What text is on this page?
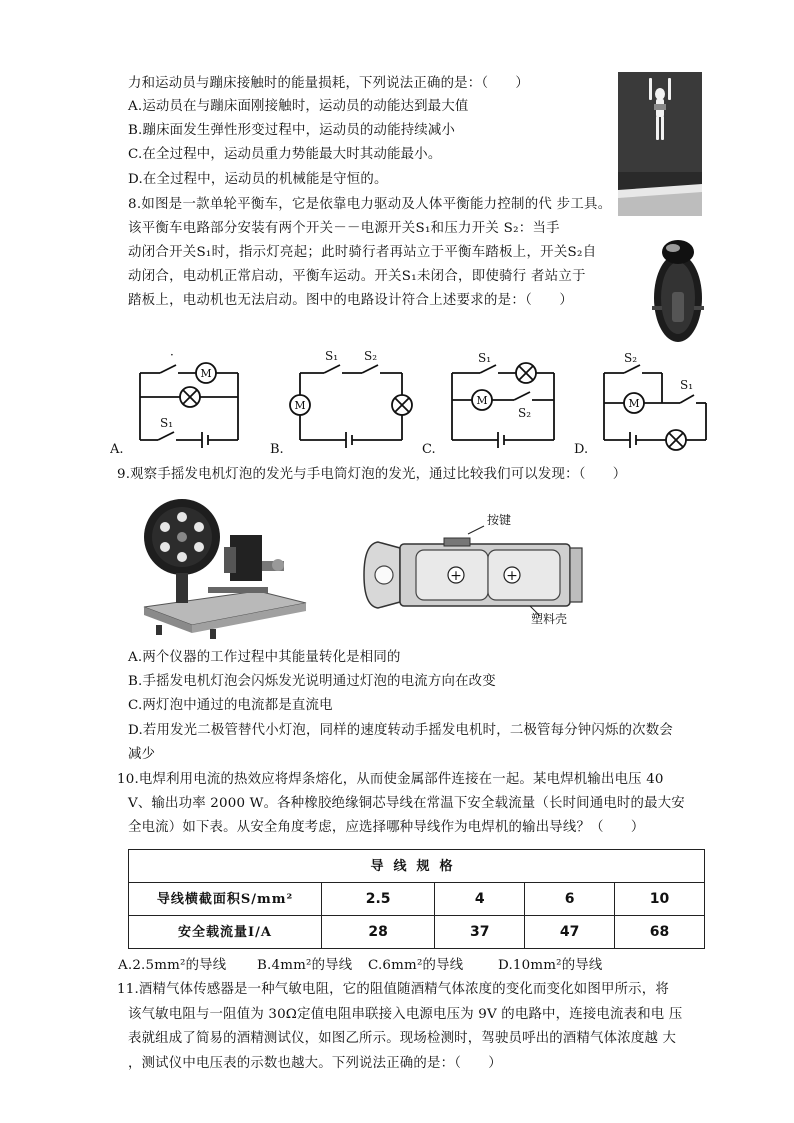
力和运动员与蹦床接触时的能量损耗，下列说法正确的是：（　　）
A.运动员在与蹦床面刚接触时，运动员的动能达到最大值
B.蹦床面发生弹性形变过程中，运动员的动能持续减小
C.在全过程中，运动员重力势能最大时其动能最小。
D.在全过程中，运动员的机械能是守恒的。
8.如图是一款单轮平衡车，它是依靠电力驱动及人体平衡能力控制的代 步工具。
该平衡车电路部分安装有两个开关－－电源开关S₁和压力开关 S₂：当手
动闭合开关S₁时，指示灯亮起；此时骑行者再站立于平衡车踏板上，开关S₂自
动闭合，电动机正常启动，平衡车运动。开关S₁未闭合，即使骑行 者站立于
踏板上，电动机也无法启动。图中的电路设计符合上述要求的是：（　　）
M
M	M	M
·
S₁
S₁ S₂	S₁
S₂
S₂
S₁
A.	B.	C.	D.
9.观察手摇发电机灯泡的发光与手电筒灯泡的发光，通过比较我们可以发现：（　　）
+	+
按键
塑料壳
A.两个仪器的工作过程中其能量转化是相同的
B.手摇发电机灯泡会闪烁发光说明通过灯泡的电流方向在改变
C.两灯泡中通过的电流都是直流电
D.若用发光二极管替代小灯泡，同样的速度转动手摇发电机时，二极管每分钟闪烁的次数会
减少
10.电焊利用电流的热效应将焊条熔化，从而使金属部件连接在一起。某电焊机输出电压 40
V、输出功率 2000 W。各种橡胶绝缘铜芯导线在常温下安全载流量（长时间通电时的最大安
全电流）如下表。从安全角度考虑，应选择哪种导线作为电焊机的输出导线？（　　）
导线规格				
导线横截面积S/mm²	2.5	4	6	10
安全载流量I/A	28	37	47	68
A.2.5mm²的导线 B.4mm²的导线 C.6mm²的导线	D.10mm²的导线
11.酒精气体传感器是一种气敏电阻，它的阻值随酒精气体浓度的变化而变化如图甲所示，将
该气敏电阻与一阻值为 30Ω定值电阻串联接入电源电压为 9V 的电路中，连接电流表和电 压
表就组成了简易的酒精测试仪，如图乙所示。现场检测时，驾驶员呼出的酒精气体浓度越 大
，测试仪中电压表的示数也越大。下列说法正确的是：（　　）
